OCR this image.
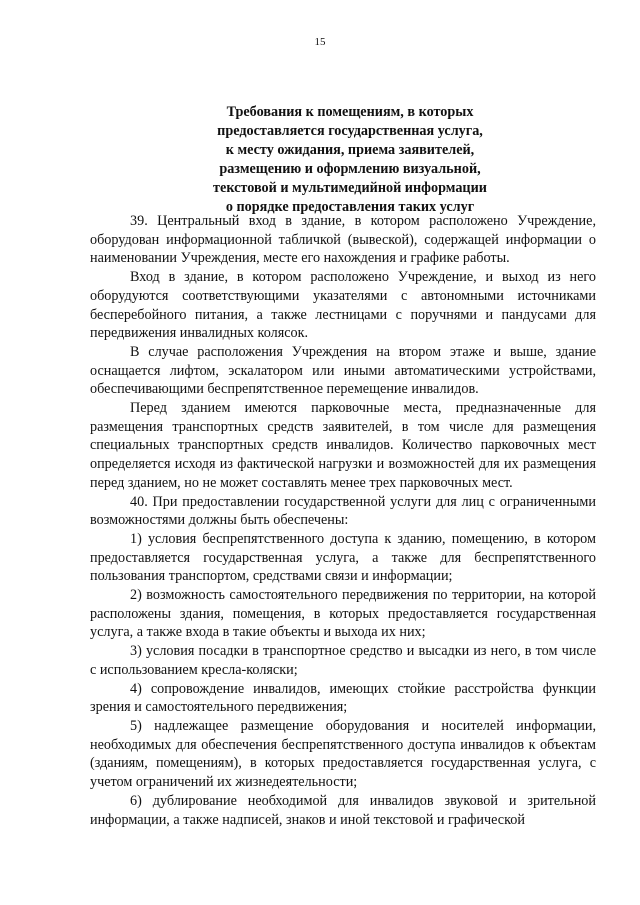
15
Требования к помещениям, в которых
предоставляется государственная услуга,
к месту ожидания, приема заявителей,
размещению и оформлению визуальной,
текстовой и мультимедийной информации
о порядке предоставления таких услуг

39. Центральный вход в здание, в котором расположено Учреждение, оборудован информационной табличкой (вывеской), содержащей информации о наименовании Учреждения, месте его нахождения и графике работы.

Вход в здание, в котором расположено Учреждение, и выход из него оборудуются соответствующими указателями с автономными источниками бесперебойного питания, а также лестницами с поручнями и пандусами для передвижения инвалидных колясок.

В случае расположения Учреждения на втором этаже и выше, здание оснащается лифтом, эскалатором или иными автоматическими устройствами, обеспечивающими беспрепятственное перемещение инвалидов.

Перед зданием имеются парковочные места, предназначенные для размещения транспортных средств заявителей, в том числе для размещения специальных транспортных средств инвалидов. Количество парковочных мест определяется исходя из фактической нагрузки и возможностей для их размещения перед зданием, но не может составлять менее трех парковочных мест.

40. При предоставлении государственной услуги для лиц с ограниченными возможностями должны быть обеспечены:

1) условия беспрепятственного доступа к зданию, помещению, в котором предоставляется государственная услуга, а также для беспрепятственного пользования транспортом, средствами связи и информации;

2) возможность самостоятельного передвижения по территории, на которой расположены здания, помещения, в которых предоставляется государственная услуга, а также входа в такие объекты и выхода их них;

3) условия посадки в транспортное средство и высадки из него, в том числе с использованием кресла-коляски;

4) сопровождение инвалидов, имеющих стойкие расстройства функции зрения и самостоятельного передвижения;

5) надлежащее размещение оборудования и носителей информации, необходимых для обеспечения беспрепятственного доступа инвалидов к объектам (зданиям, помещениям), в которых предоставляется государственная услуга, с учетом ограничений их жизнедеятельности;

6) дублирование необходимой для инвалидов звуковой и зрительной информации, а также надписей, знаков и иной текстовой и графической
